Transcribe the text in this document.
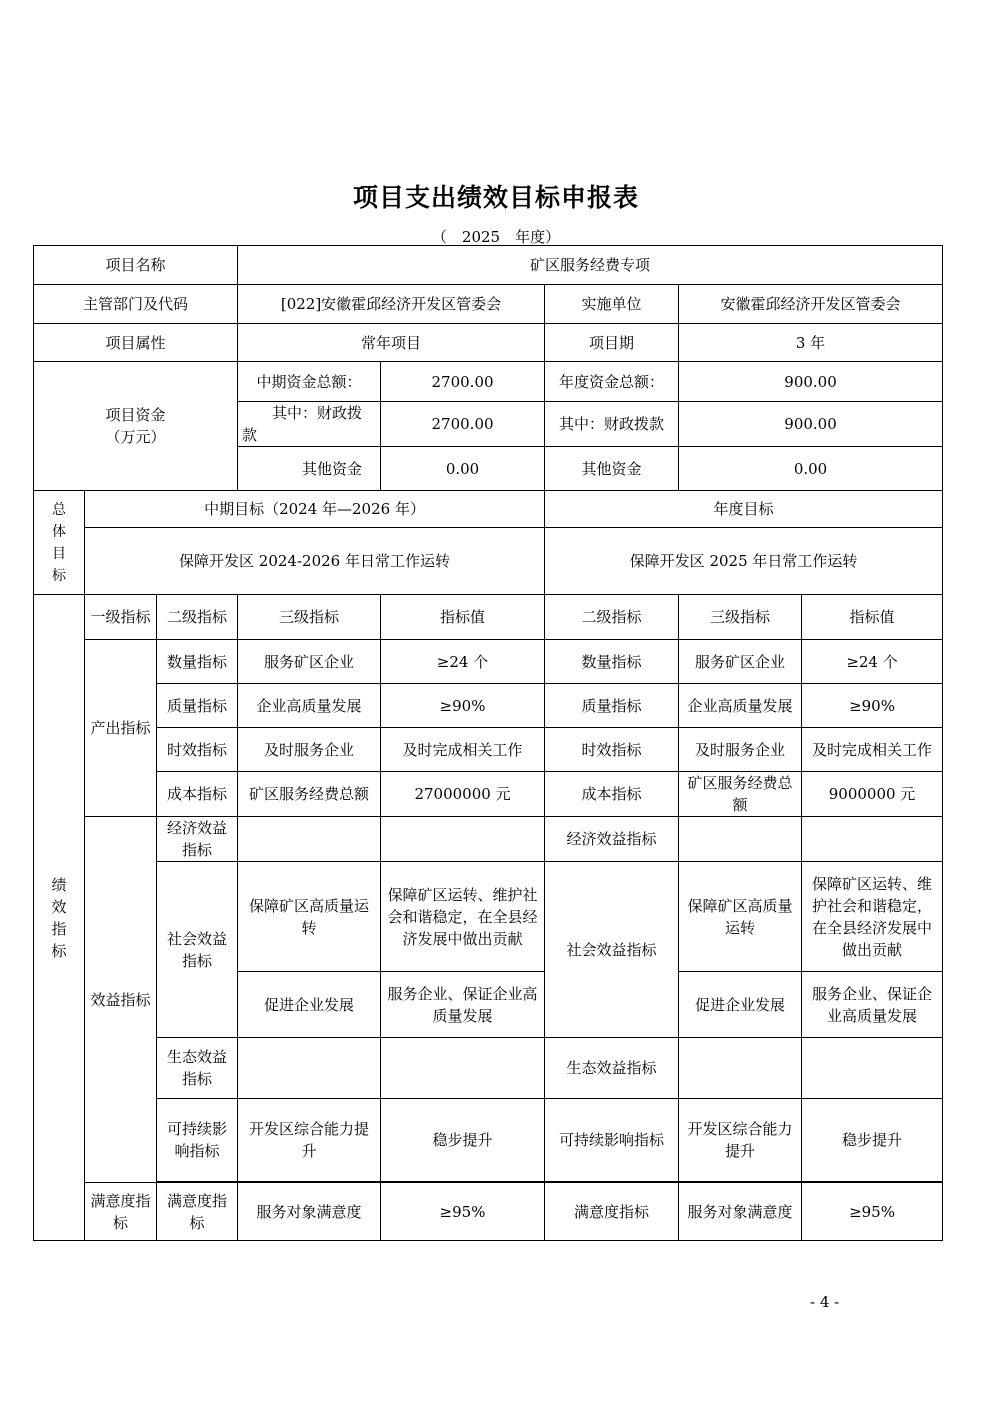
项目支出绩效目标申报表
（　2025　年度）
项目名称			矿区服务经费专项				
主管部门及代码			[022]安徽霍邱经济开发区管委会		实施单位	安徽霍邱经济开发区管委会	
项目属性			常年项目		项目期	3 年	
项目资金
（万元）			中期资金总额：	2700.00	年度资金总额：	900.00	
			　　其中：财政拨款	2700.00	其中：财政拨款	900.00	
			　　　　其他资金	0.00	其他资金	0.00	
总
体
目
标	中期目标（2024 年—2026 年）				年度目标		
	保障开发区 2024-2026 年日常工作运转				保障开发区 2025 年日常工作运转		
绩
效
指
标	一级指标	二级指标	三级指标	指标值	二级指标	三级指标	指标值
	产出指标	数量指标	服务矿区企业	≥24 个	数量指标	服务矿区企业	≥24 个
		质量指标	企业高质量发展	≥90%	质量指标	企业高质量发展	≥90%
		时效指标	及时服务企业	及时完成相关工作	时效指标	及时服务企业	及时完成相关工作
		成本指标	矿区服务经费总额	27000000 元	成本指标	矿区服务经费总额	9000000 元
	效益指标	经济效益指标			经济效益指标		
		社会效益指标	保障矿区高质量运转	保障矿区运转、维护社会和谐稳定，在全县经济发展中做出贡献	社会效益指标	保障矿区高质量运转	保障矿区运转、维护社会和谐稳定，在全县经济发展中做出贡献
			促进企业发展	服务企业、保证企业高质量发展		促进企业发展	服务企业、保证企业高质量发展
		生态效益指标			生态效益指标		
		可持续影响指标	开发区综合能力提升	稳步提升	可持续影响指标	开发区综合能力提升	稳步提升

	满意度指标	满意度指标	服务对象满意度	≥95%	满意度指标	服务对象满意度	≥95%
- 4 -
